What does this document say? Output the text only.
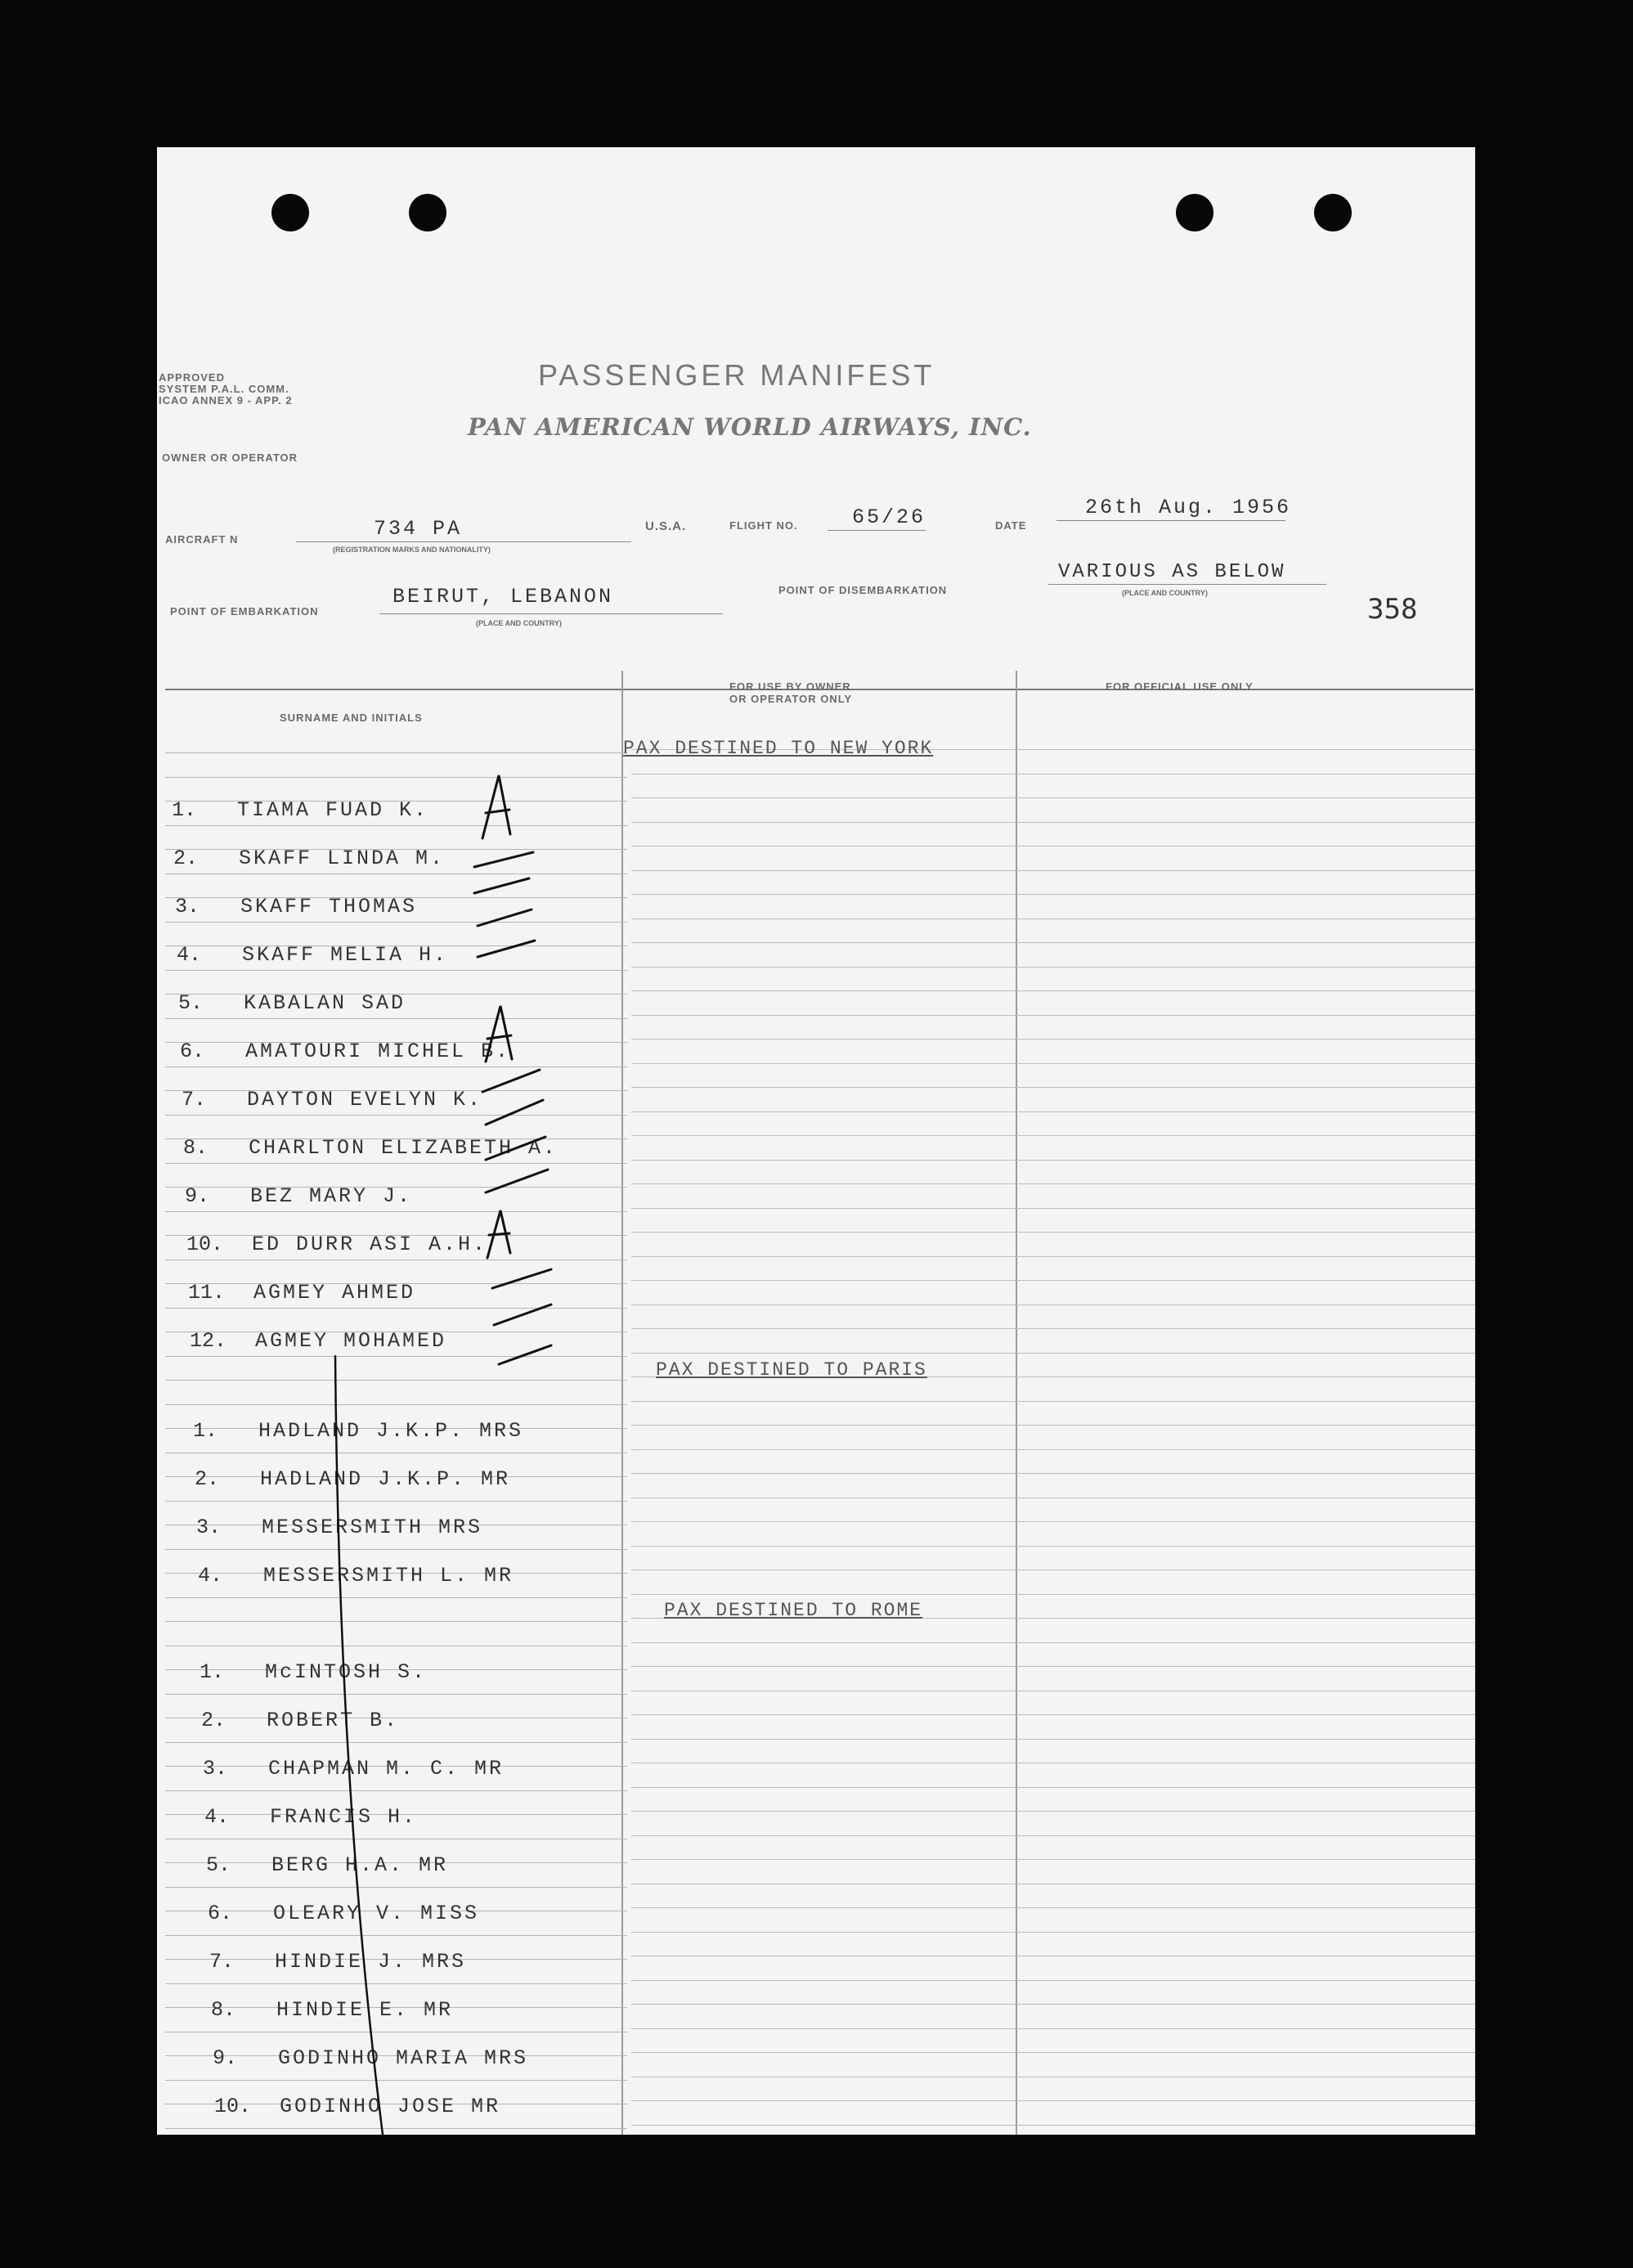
APPROVED
SYSTEM P.A.L. COMM.
ICAO ANNEX 9 - APP. 2
PASSENGER MANIFEST
PAN AMERICAN WORLD AIRWAYS, INC.
OWNER OR OPERATOR
AIRCRAFT N	734 PA
(REGISTRATION MARKS AND NATIONALITY)
U.S.A.	FLIGHT NO.	65/26	DATE
26th Aug. 1956
POINT OF EMBARKATION
BEIRUT, LEBANON
(PLACE AND COUNTRY)
POINT OF DISEMBARKATION
VARIOUS AS BELOW
(PLACE AND COUNTRY)	358
SURNAME AND INITIALS
FOR USE BY OWNER
OR OPERATOR ONLY
FOR OFFICIAL USE ONLY
PAX DESTINED TO NEW YORK
1.	TIAMA FUAD K.
2.	SKAFF LINDA M.
3.	SKAFF THOMAS
4.	SKAFF MELIA H.
5.	KABALAN SAD
6.	AMATOURI MICHEL B.
7.	DAYTON EVELYN K.
8.	CHARLTON ELIZABETH A.
9.	BEZ MARY J.
10.	ED DURR ASI A.H.
11.	AGMEY AHMED
12.	AGMEY MOHAMED
PAX DESTINED TO PARIS
1.	HADLAND J.K.P. MRS
2.	HADLAND J.K.P. MR
3.	MESSERSMITH MRS
4.	MESSERSMITH L. MR
PAX DESTINED TO ROME
1.	McINTOSH S.
2.	ROBERT B.
3.	CHAPMAN M. C. MR
4.	FRANCIS H.
5.	BERG H.A. MR
6.	OLEARY V. MISS
7.	HINDIE J. MRS
8.	HINDIE E. MR
9.	GODINHO MARIA MRS
10.	GODINHO JOSE MR
